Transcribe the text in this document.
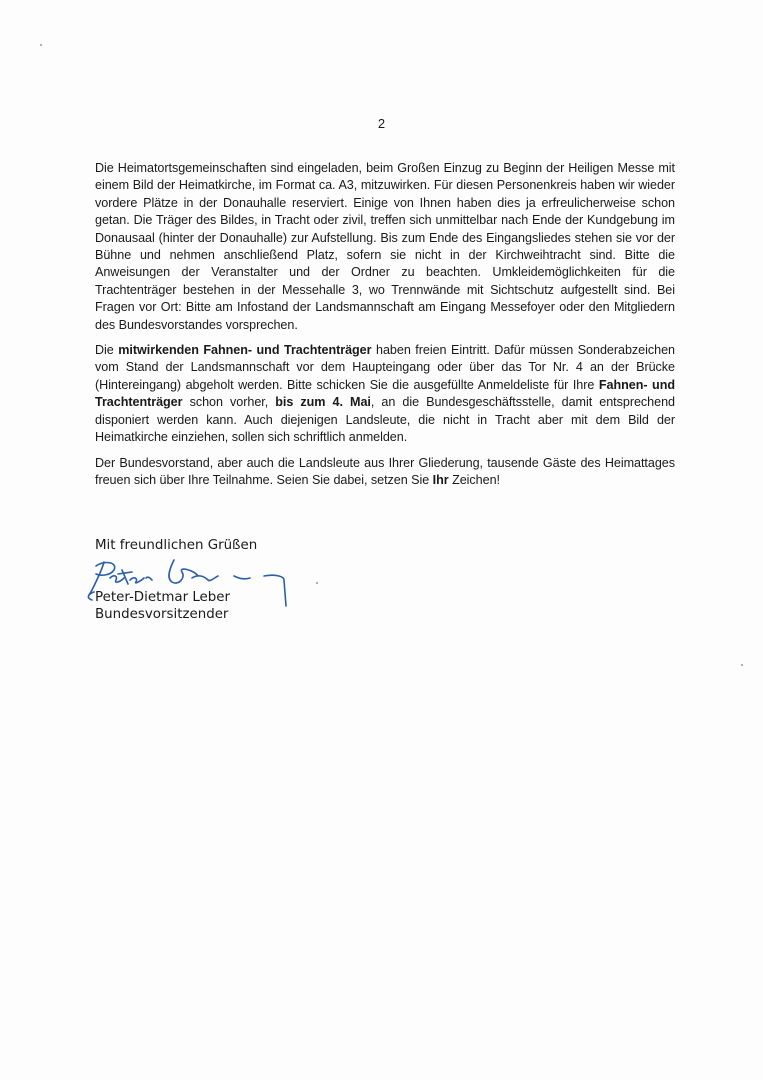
2

Die Heimatortsgemeinschaften sind eingeladen, beim Großen Einzug zu Beginn der Heiligen Messe mit einem Bild der Heimatkirche, im Format ca. A3, mitzuwirken. Für diesen Personenkreis haben wir wieder vordere Plätze in der Donauhalle reserviert. Einige von Ihnen haben dies ja erfreulicherweise schon getan. Die Träger des Bildes, in Tracht oder zivil, treffen sich unmittelbar nach Ende der Kundgebung im Donausaal (hinter der Donauhalle) zur Aufstellung. Bis zum Ende des Eingangsliedes stehen sie vor der Bühne und nehmen anschließend Platz, sofern sie nicht in der Kirchweihtracht sind. Bitte die Anweisungen der Veranstalter und der Ordner zu beachten. Umkleidemöglichkeiten für die Trachtenträger bestehen in der Messehalle 3, wo Trennwände mit Sichtschutz aufgestellt sind. Bei Fragen vor Ort: Bitte am Infostand der Landsmannschaft am Eingang Messefoyer oder den Mitgliedern des Bundesvorstandes vorsprechen.

Die mitwirkenden Fahnen- und Trachtenträger haben freien Eintritt. Dafür müssen Sonderabzeichen vom Stand der Landsmannschaft vor dem Haupteingang oder über das Tor Nr. 4 an der Brücke (Hintereingang) abgeholt werden. Bitte schicken Sie die ausgefüllte Anmeldeliste für Ihre Fahnen- und Trachtenträger schon vorher, bis zum 4. Mai, an die Bundesgeschäftsstelle, damit entsprechend disponiert werden kann. Auch diejenigen Landsleute, die nicht in Tracht aber mit dem Bild der Heimatkirche einziehen, sollen sich schriftlich anmelden.

Der Bundesvorstand, aber auch die Landsleute aus Ihrer Gliederung, tausende Gäste des Heimattages freuen sich über Ihre Teilnahme. Seien Sie dabei, setzen Sie Ihr Zeichen!

Mit freundlichen Grüßen
Peter-Dietmar Leber
Bundesvorsitzender
